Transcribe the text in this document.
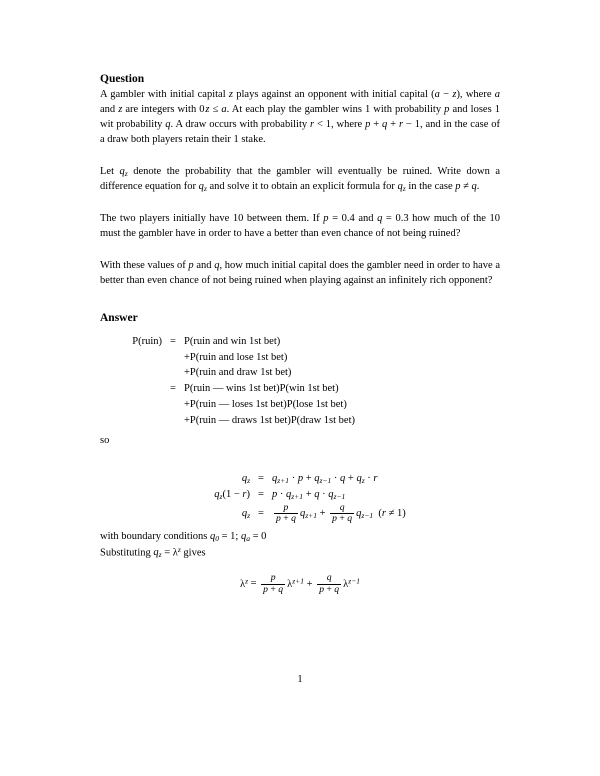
Question

A gambler with initial capital z plays against an opponent with initial capital (a − z), where a and z are integers with 0 z ≤ a. At each play the gambler wins 1 with probability p and loses 1 wit probability q. A draw occurs with probability r < 1, where p + q + r − 1, and in the case of a draw both players retain their 1 stake.

Let $q_z$ denote the probability that the gambler will eventually be ruined. Write down a difference equation for $q_z$ and solve it to obtain an explicit formula for $q_z$ in the case p ≠ q.

The two players initially have 10 between them. If p = 0.4 and q = 0.3 how much of the 10 must the gambler have in order to have a better than even chance of not being ruined?

With these values of p and q, how much initial capital does the gambler need in order to have a better than even chance of not being ruined when playing against an infinitely rich opponent?

Answer
P(ruin) = P(ruin and win 1st bet)
+P(ruin and lose 1st bet)
+P(ruin and draw 1st bet)
= P(ruin — wins 1st bet)P(win 1st bet)
+P(ruin — loses 1st bet)P(lose 1st bet)
+P(ruin — draws 1st bet)P(draw 1st bet)

so

$q_z = q_{z+1} \cdot p + q_{z-1} \cdot q + q_z \cdot r$
$q_z(1 - r) = p \cdot q_{z+1} + q \cdot q_{z-1}$
$q_z$ =	$\frac{p}{p + q} q_{z+1} + \frac{q}{p + q} q_{z-1}$  (r ≠ 1)

with boundary conditions $q_0 = 1$; $q_a = 0$

Substituting $q_z = \lambda^z$ gives

$\lambda^z = \frac{p}{p + q} \lambda^{z+1} + \frac{q}{p + q} \lambda^{z-1}$
1
